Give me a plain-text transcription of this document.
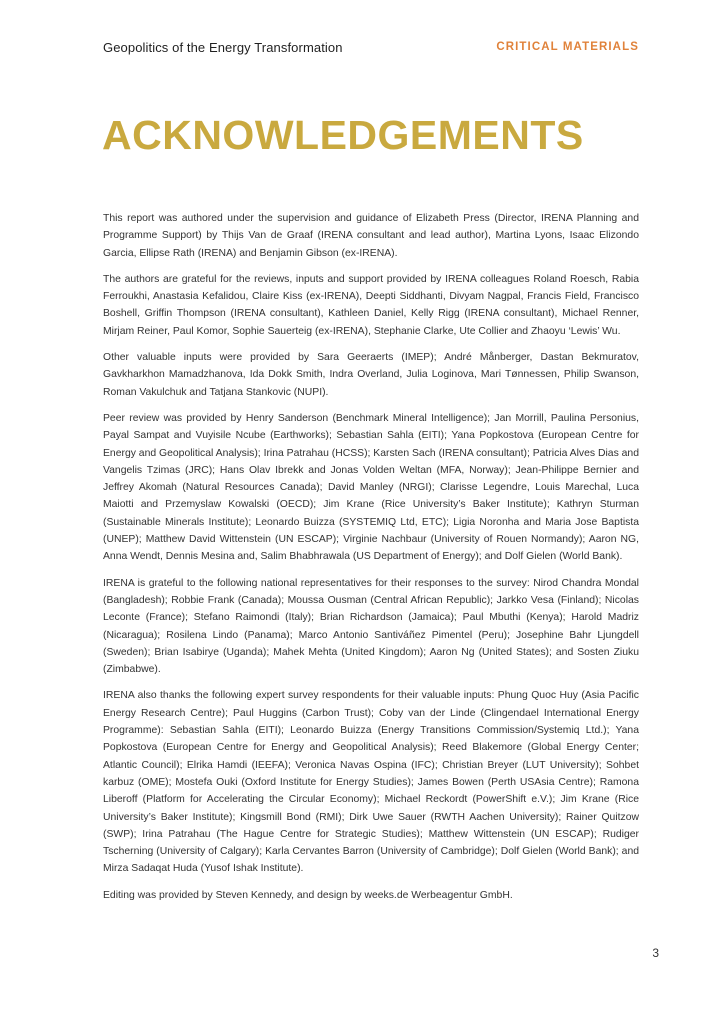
Geopolitics of the Energy Transformation	CRITICAL MATERIALS
ACKNOWLEDGEMENTS

This report was authored under the supervision and guidance of Elizabeth Press (Director, IRENA Planning and Programme Support) by Thijs Van de Graaf (IRENA consultant and lead author), Martina Lyons, Isaac Elizondo Garcia, Ellipse Rath (IRENA) and Benjamin Gibson (ex-IRENA).

The authors are grateful for the reviews, inputs and support provided by IRENA colleagues Roland Roesch, Rabia Ferroukhi, Anastasia Kefalidou, Claire Kiss (ex-IRENA), Deepti Siddhanti, Divyam Nagpal, Francis Field, Francisco Boshell, Griffin Thompson (IRENA consultant), Kathleen Daniel, Kelly Rigg (IRENA consultant), Michael Renner, Mirjam Reiner, Paul Komor, Sophie Sauerteig (ex-IRENA), Stephanie Clarke, Ute Collier and Zhaoyu ‘Lewis’ Wu.

Other valuable inputs were provided by Sara Geeraerts (IMEP); André Månberger, Dastan Bekmuratov, Gavkharkhon Mamadzhanova, Ida Dokk Smith, Indra Overland, Julia Loginova, Mari Tønnessen, Philip Swanson, Roman Vakulchuk and Tatjana Stankovic (NUPI).

Peer review was provided by Henry Sanderson (Benchmark Mineral Intelligence); Jan Morrill, Paulina Personius, Payal Sampat and Vuyisile Ncube (Earthworks); Sebastian Sahla (EITI); Yana Popkostova (European Centre for Energy and Geopolitical Analysis); Irina Patrahau (HCSS); Karsten Sach (IRENA consultant); Patricia Alves Dias and Vangelis Tzimas (JRC); Hans Olav Ibrekk and Jonas Volden Weltan (MFA, Norway); Jean-Philippe Bernier and Jeffrey Akomah (Natural Resources Canada); David Manley (NRGI); Clarisse Legendre, Louis Marechal, Luca Maiotti and Przemyslaw Kowalski (OECD); Jim Krane (Rice University’s Baker Institute); Kathryn Sturman (Sustainable Minerals Institute); Leonardo Buizza (SYSTEMIQ Ltd, ETC); Ligia Noronha and Maria Jose Baptista (UNEP); Matthew David Wittenstein (UN ESCAP); Virginie Nachbaur (University of Rouen Normandy); Aaron NG, Anna Wendt, Dennis Mesina and, Salim Bhabhrawala (US Department of Energy); and Dolf Gielen (World Bank).

IRENA is grateful to the following national representatives for their responses to the survey: Nirod Chandra Mondal (Bangladesh); Robbie Frank (Canada); Moussa Ousman (Central African Republic); Jarkko Vesa (Finland); Nicolas Leconte (France); Stefano Raimondi (Italy); Brian Richardson (Jamaica); Paul Mbuthi (Kenya); Harold Madriz (Nicaragua); Rosilena Lindo (Panama); Marco Antonio Santiváñez Pimentel (Peru); Josephine Bahr Ljungdell (Sweden); Brian Isabirye (Uganda); Mahek Mehta (United Kingdom); Aaron Ng (United States); and Sosten Ziuku (Zimbabwe).

IRENA also thanks the following expert survey respondents for their valuable inputs: Phung Quoc Huy (Asia Pacific Energy Research Centre); Paul Huggins (Carbon Trust); Coby van der Linde (Clingendael International Energy Programme): Sebastian Sahla (EITI); Leonardo Buizza (Energy Transitions Commission/Systemiq Ltd.); Yana Popkostova (European Centre for Energy and Geopolitical Analysis); Reed Blakemore (Global Energy Center; Atlantic Council); Elrika Hamdi (IEEFA); Veronica Navas Ospina (IFC); Christian Breyer (LUT University); Sohbet karbuz (OME); Mostefa Ouki (Oxford Institute for Energy Studies); James Bowen (Perth USAsia Centre); Ramona Liberoff (Platform for Accelerating the Circular Economy); Michael Reckordt (PowerShift e.V.); Jim Krane (Rice University’s Baker Institute); Kingsmill Bond (RMI); Dirk Uwe Sauer (RWTH Aachen University); Rainer Quitzow (SWP); Irina Patrahau (The Hague Centre for Strategic Studies); Matthew Wittenstein (UN ESCAP); Rudiger Tscherning (University of Calgary); Karla Cervantes Barron (University of Cambridge); Dolf Gielen (World Bank); and Mirza Sadaqat Huda (Yusof Ishak Institute).

Editing was provided by Steven Kennedy, and design by weeks.de Werbeagentur GmbH.

3
